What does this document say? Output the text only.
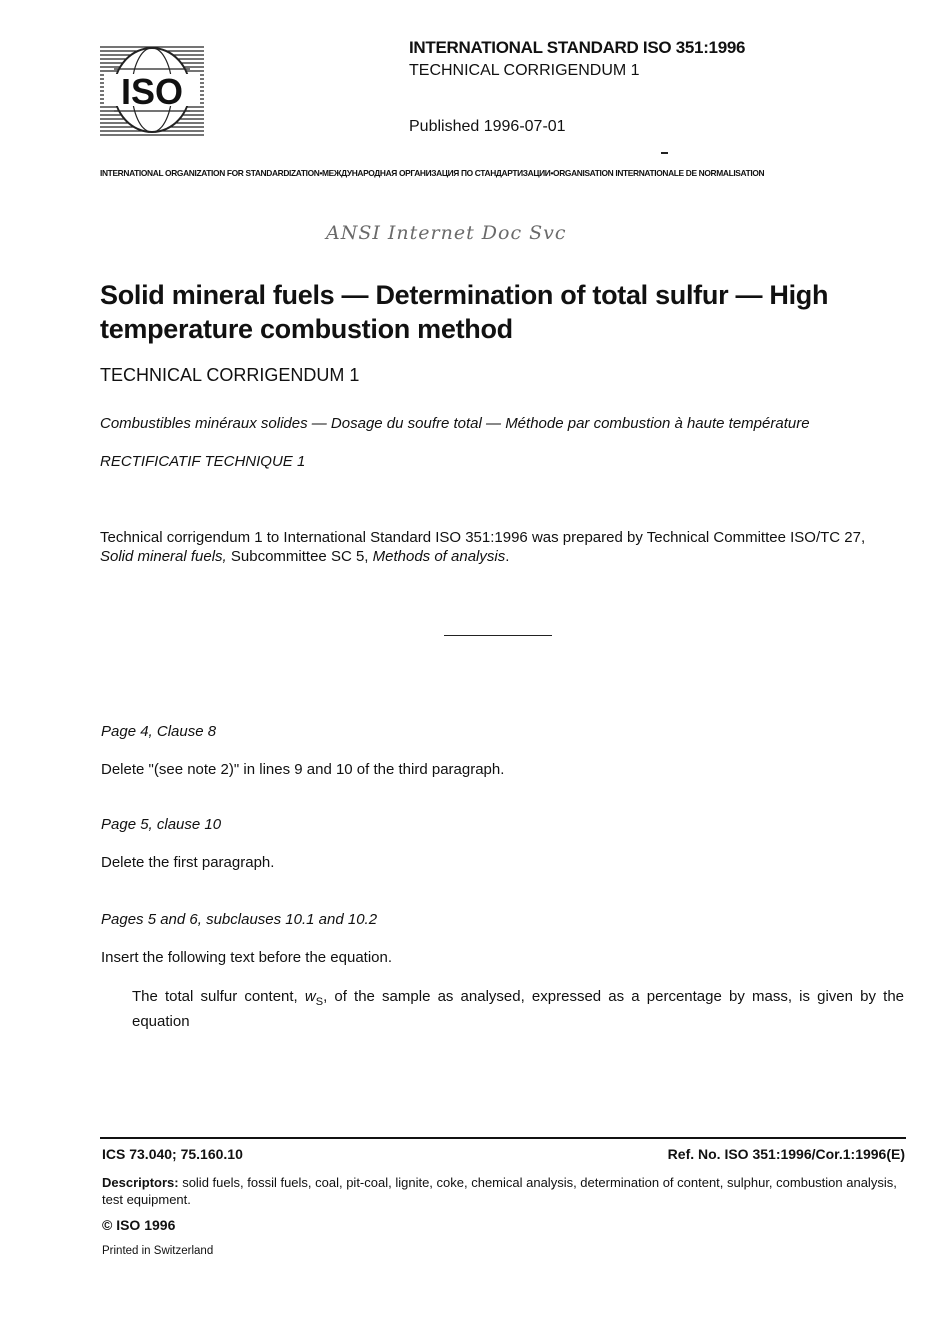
ISO
INTERNATIONAL STANDARD ISO 351:1996
TECHNICAL CORRIGENDUM 1
Published 1996-07-01
INTERNATIONAL ORGANIZATION FOR STANDARDIZATION•МЕЖДУНАРОДНАЯ ОРГАНИЗАЦИЯ ПО СТАНДАРТИЗАЦИИ•ORGANISATION INTERNATIONALE DE NORMALISATION
ANSI Internet Doc Svc
Solid mineral fuels — Determination of total sulfur — High temperature combustion method
TECHNICAL CORRIGENDUM 1
Combustibles minéraux solides — Dosage du soufre total — Méthode par combustion à haute température
RECTIFICATIF TECHNIQUE 1
Technical corrigendum 1 to International Standard ISO 351:1996 was prepared by Technical Committee ISO/TC 27,
Solid mineral fuels, Subcommittee SC 5, Methods of analysis.
Page 4, Clause 8
Delete "(see note 2)" in lines 9 and 10 of the third paragraph.
Page 5, clause 10
Delete the first paragraph.
Pages 5 and 6, subclauses 10.1 and 10.2
Insert the following text before the equation.
The total sulfur content, $w_S$, of the sample as analysed, expressed as a percentage by mass, is given by the equation
ICS 73.040; 75.160.10	Ref. No. ISO 351:1996/Cor.1:1996(E)
Descriptors: solid fuels, fossil fuels, coal, pit-coal, lignite, coke, chemical analysis, determination of content, sulphur, combustion analysis, test equipment.
© ISO 1996
Printed in Switzerland
